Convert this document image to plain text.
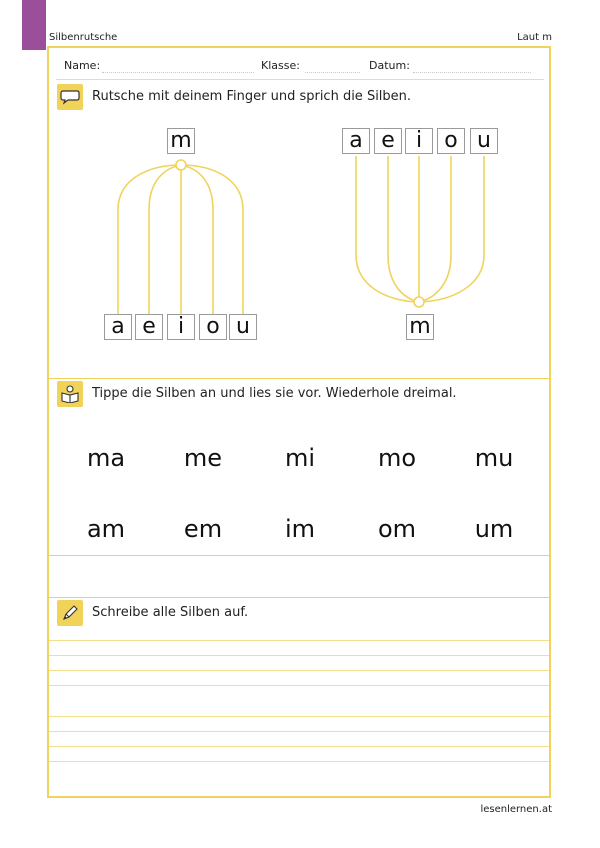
Silbenrutsche	Laut m
Name:	Klasse:	Datum:
Rutsche mit deinem Finger und sprich die Silben.
m
a e	i	o u
a e i	o u
m
Tippe die Silben an und lies sie vor. Wiederhole dreimal.
ma	me	mi	mo	mu
am	em	im	om	um
Schreibe alle Silben auf.
lesenlernen.at
